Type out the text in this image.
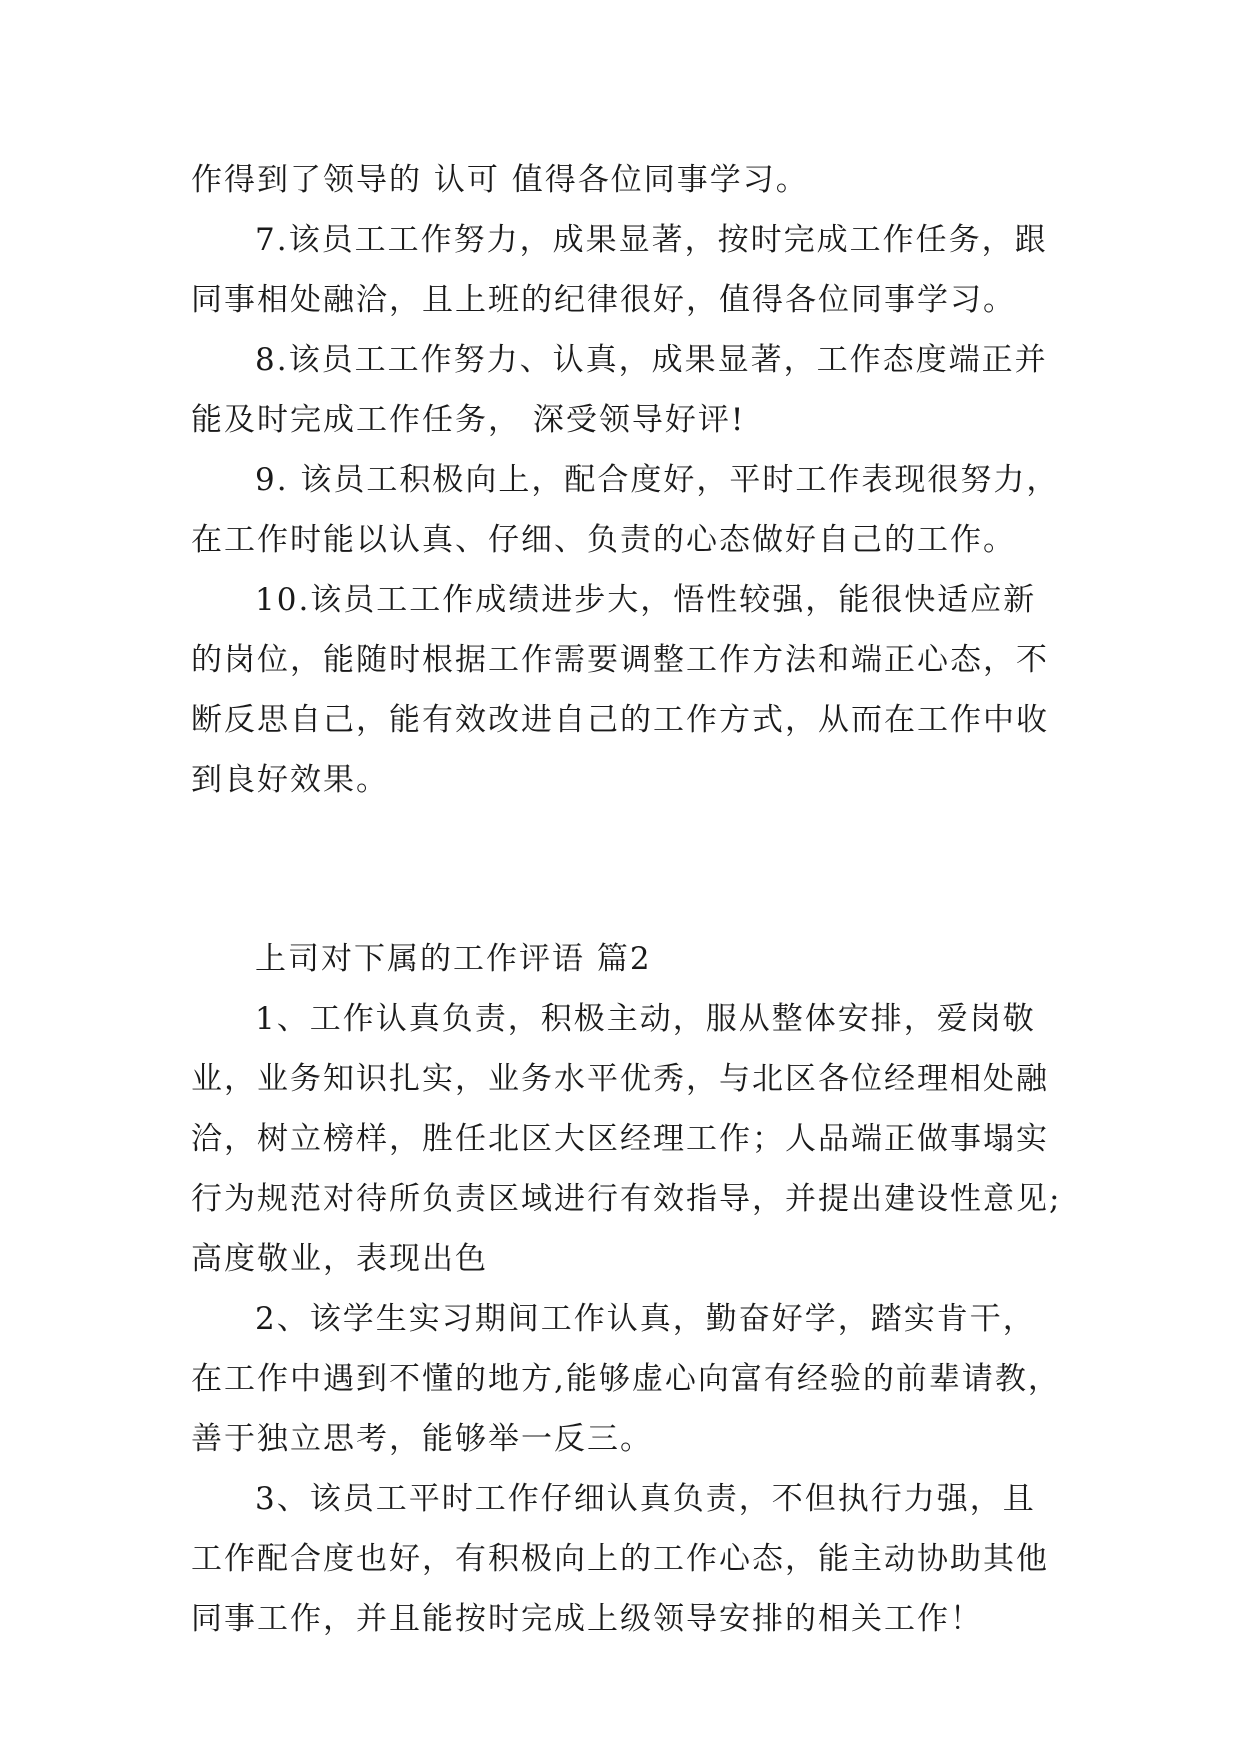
作得到了领导的 认可 值得各位同事学习。
7.该员工工作努力，成果显著，按时完成工作任务，跟
同事相处融洽，且上班的纪律很好，值得各位同事学习。
8.该员工工作努力、认真，成果显著，工作态度端正并
能及时完成工作任务， 深受领导好评!
9. 该员工积极向上，配合度好，平时工作表现很努力，
在工作时能以认真、仔细、负责的心态做好自己的工作。
10.该员工工作成绩进步大，悟性较强，能很快适应新
的岗位，能随时根据工作需要调整工作方法和端正心态，不
断反思自己，能有效改进自己的工作方式，从而在工作中收
到良好效果。
上司对下属的工作评语 篇2
1、工作认真负责，积极主动，服从整体安排，爱岗敬
业，业务知识扎实，业务水平优秀，与北区各位经理相处融
洽，树立榜样，胜任北区大区经理工作；人品端正做事塌实
行为规范对待所负责区域进行有效指导，并提出建设性意见;
高度敬业，表现出色
2、该学生实习期间工作认真，勤奋好学，踏实肯干，
在工作中遇到不懂的地方,能够虚心向富有经验的前辈请教，
善于独立思考，能够举一反三。
3、该员工平时工作仔细认真负责，不但执行力强，且
工作配合度也好，有积极向上的工作心态，能主动协助其他
同事工作，并且能按时完成上级领导安排的相关工作！
